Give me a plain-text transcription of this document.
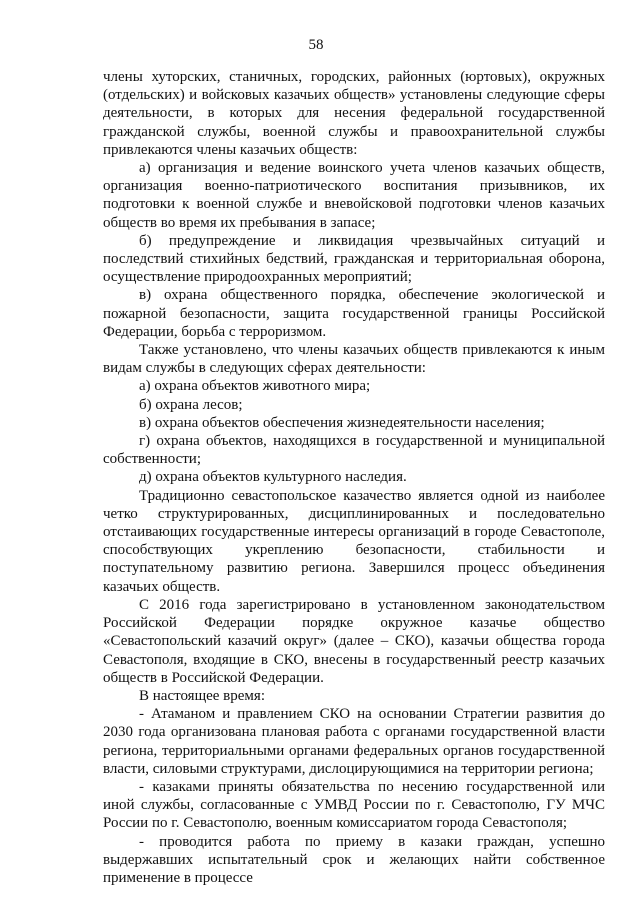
58

члены хуторских, станичных, городских, районных (юртовых), окружных (отдельских) и войсковых казачьих обществ» установлены следующие сферы деятельности, в которых для несения федеральной государственной гражданской службы, военной службы и правоохранительной службы привлекаются члены казачьих обществ:

а) организация и ведение воинского учета членов казачьих обществ, организация военно-патриотического воспитания призывников, их подготовки к военной службе и вневойсковой подготовки членов казачьих обществ во время их пребывания в запасе;

б) предупреждение и ликвидация чрезвычайных ситуаций и последствий стихийных бедствий, гражданская и территориальная оборона, осуществление природоохранных мероприятий;

в) охрана общественного порядка, обеспечение экологической и пожарной безопасности, защита государственной границы Российской Федерации, борьба с терроризмом.

Также установлено, что члены казачьих обществ привлекаются к иным видам службы в следующих сферах деятельности:

а) охрана объектов животного мира;

б) охрана лесов;

в) охрана объектов обеспечения жизнедеятельности населения;

г) охрана объектов, находящихся в государственной и муниципальной собственности;

д) охрана объектов культурного наследия.

Традиционно севастопольское казачество является одной из наиболее четко структурированных, дисциплинированных и последовательно отстаивающих государственные интересы организаций в городе Севастополе, способствующих укреплению безопасности, стабильности и поступательному развитию региона. Завершился процесс объединения казачьих обществ.

С 2016 года зарегистрировано в установленном законодательством Российской Федерации порядке окружное казачье общество «Севастопольский казачий округ» (далее – СКО), казачьи общества города Севастополя, входящие в СКО, внесены в государственный реестр казачьих обществ в Российской Федерации.

В настоящее время:

- Атаманом и правлением СКО на основании Стратегии развития до 2030 года организована плановая работа с органами государственной власти региона, территориальными органами федеральных органов государственной власти, силовыми структурами, дислоцирующимися на территории региона;

- казаками приняты обязательства по несению государственной или иной службы, согласованные с УМВД России по г. Севастополю, ГУ МЧС России по г. Севастополю, военным комиссариатом города Севастополя;

- проводится работа по приему в казаки граждан, успешно выдержавших испытательный срок и желающих найти собственное применение в процессе
